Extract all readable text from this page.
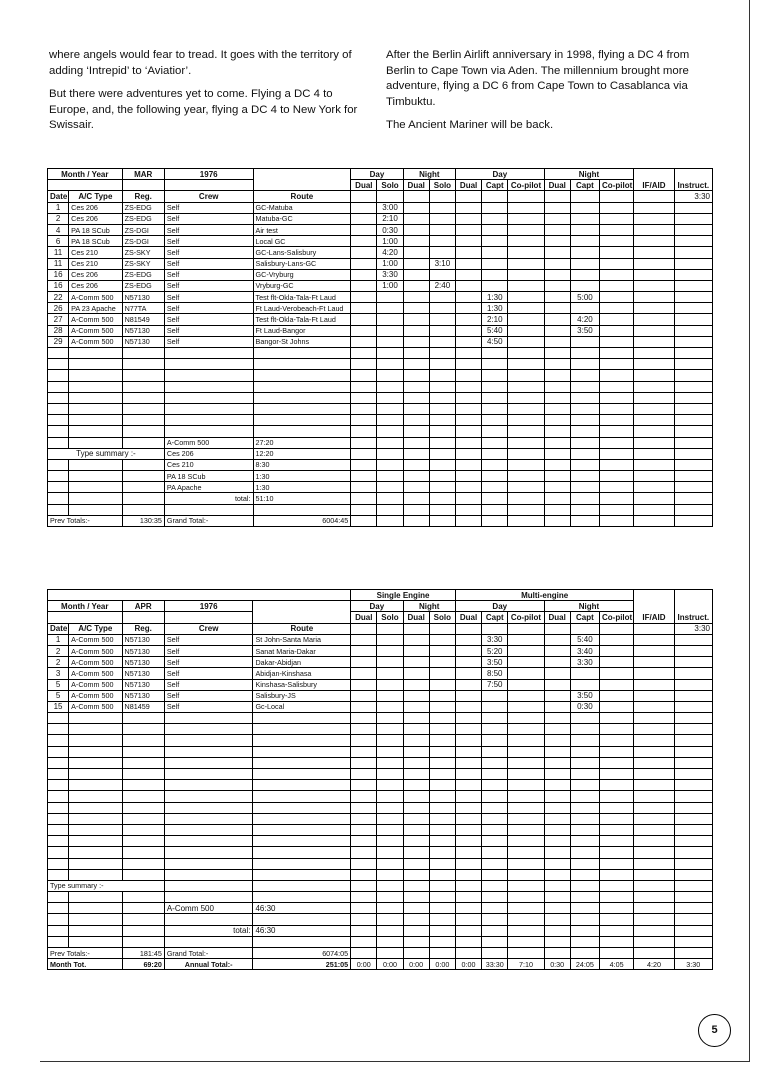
where angels would fear to tread. It goes with the territory of adding ‘Intrepid’ to ‘Aviatior’.

But there were adventures yet to come. Flying a DC 4 to Europe, and, the following year, flying a DC 4 to New York for Swissair.

After the Berlin Airlift anniversary in 1998, flying a DC 4 from Berlin to Cape Town via Aden. The millennium brought more adventure, flying a DC 6 from Cape Town to Casablanca via Timbuktu.

The Ancient Mariner will be back.

Month / Year		MAR	1976		Day		Night		Day			Night				
					Dual	Solo	Dual	Solo	Dual	Capt	Co-pilot	Dual	Capt	Co-pilot	IF/AID	Instruct.
Date	A/C Type	Reg.	Crew	Route												3:30
1	Ces 206	ZS-EDG	Self	GC-Matuba		3:00										
2	Ces 206	ZS-EDG	Self	Matuba-GC		2:10										
4	PA 18 SCub	ZS-DGI	Self	Air test		0:30										
6	PA 18 SCub	ZS-DGI	Self	Local GC		1:00										
11	Ces 210	ZS-SKY	Self	GC-Lans-Salisbury		4:20										
11	Ces 210	ZS-SKY	Self	Salisbury-Lans-GC		1:00		3:10								
16	Ces 206	ZS-EDG	Self	GC-Vryburg		3:30										
16	Ces 206	ZS-EDG	Self	Vryburg-GC		1:00		2:40								
22	A-Comm 500	N57130	Self	Test flt-Okla-Tala-Ft Laud						1:30			5:00			
26	PA 23 Apache	N77TA	Self	Ft Laud-Verobeach-Ft Laud						1:30						
27	A-Comm 500	N81549	Self	Test flt-Okla-Tala-Ft Laud						2:10			4:20			
28	A-Comm 500	N57130	Self	Ft Laud-Bangor						5:40			3:50			
29	A-Comm 500	N57130	Self	Bangor-St Johns						4:50						

			A-Comm 500	27:20												
Type summary :-			Ces 206	12:20												
			Ces 210	8:30												
			PA 18 SCub	1:30												
			PA Apache	1:30												
			total:	51:10												

Prev Totals:-		130:35	Grand Total:-	6004:45												
					Single Engine				Multi-engine							
Month / Year		APR	1976		Day		Night		Day			Night				
					Dual	Solo	Dual	Solo	Dual	Capt	Co-pilot	Dual	Capt	Co-pilot	IF/AID	Instruct.
Date	A/C Type	Reg.	Crew	Route												3:30
1	A-Comm 500	N57130	Self	St John-Santa Maria						3:30			5:40			
2	A-Comm 500	N57130	Self	Sanat Maria-Dakar						5:20			3:40			
2	A-Comm 500	N57130	Self	Dakar-Abidjan						3:50			3:30			
3	A-Comm 500	N57130	Self	Abidjan-Kinshasa						8:50						
5	A-Comm 500	N57130	Self	Kinshasa-Salisbury						7:50						
5	A-Comm 500	N57130	Self	Salisbury-JS									3:50			
15	A-Comm 500	N81459	Self	Gc-Local									0:30			

Type summary :-																

			A-Comm 500	46:30												

			total:	46:30												

Prev Totals:-		181:45	Grand Total:-	6074:05												
Month Tot.		69:20	Annual Total:-	251:05	0:00	0:00	0:00	0:00	0:00	33:30	7:10	0:30	24:05	4:05	4:20	3:30
5
